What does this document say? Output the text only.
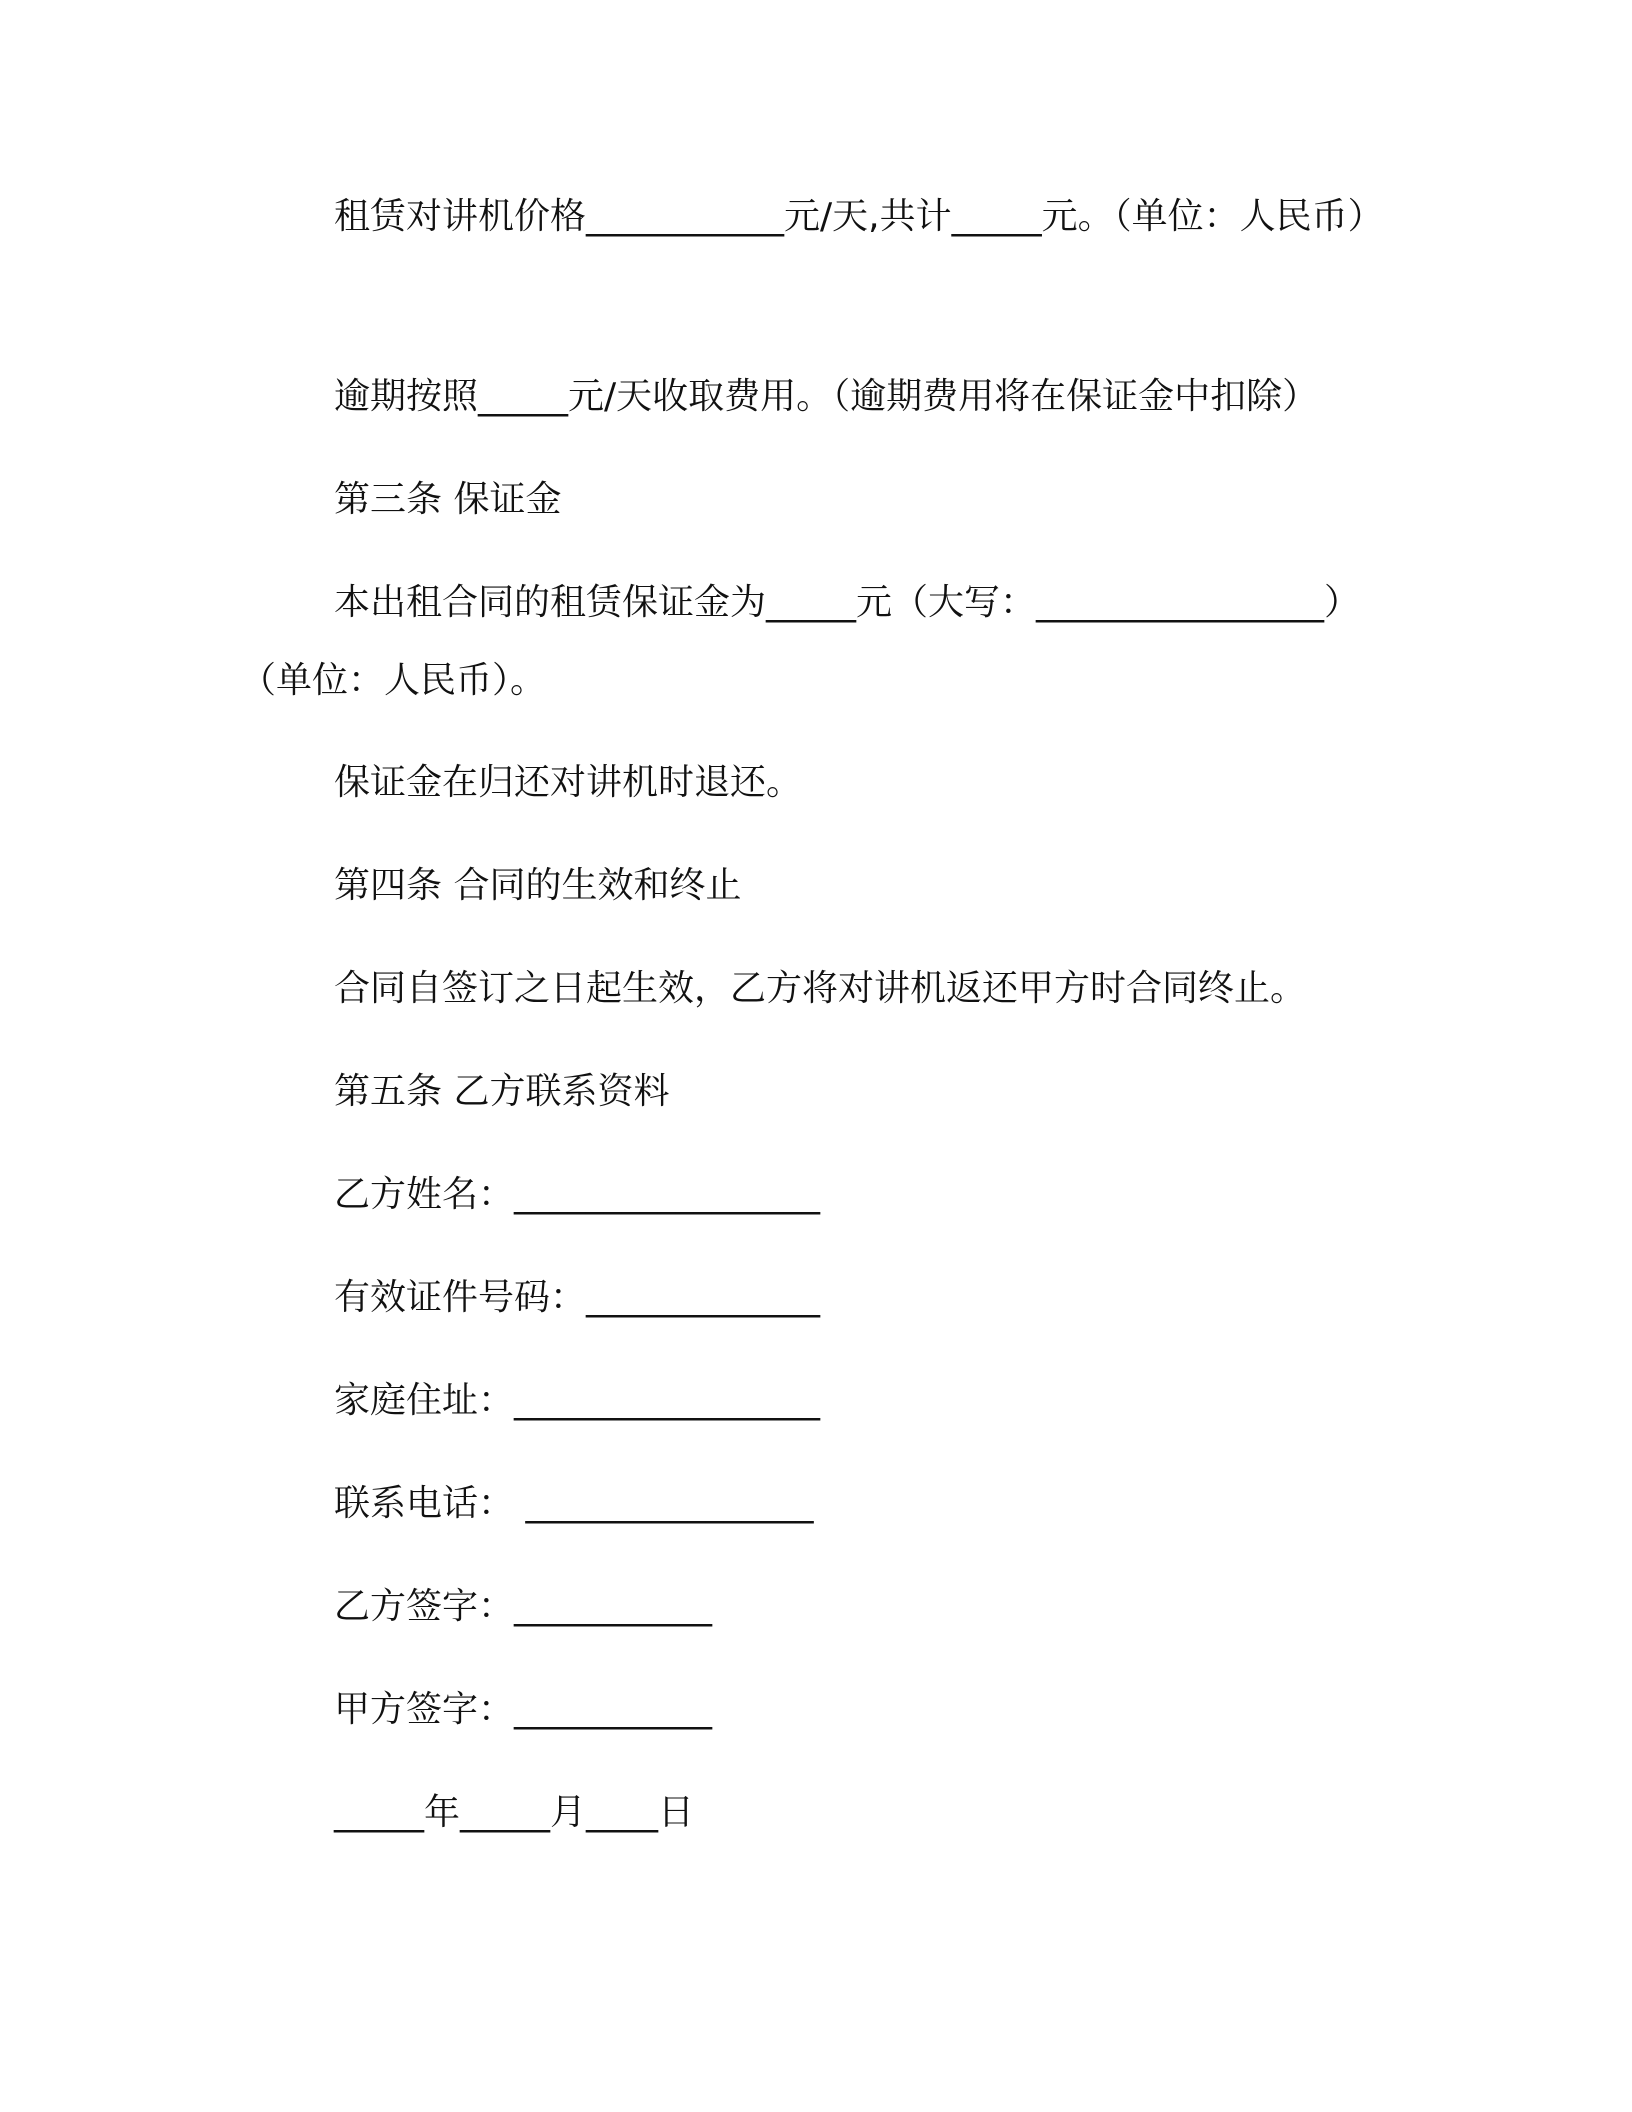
租赁对讲机价格___________元/天,共计_____元。（单位：人民币）
逾期按照_____元/天收取费用。（逾期费用将在保证金中扣除）
第三条 保证金
本出租合同的租赁保证金为_____元（大写：________________）（单位：人民币）。
保证金在归还对讲机时退还。
第四条 合同的生效和终止
合同自签订之日起生效，乙方将对讲机返还甲方时合同终止。
第五条 乙方联系资料
乙方姓名：_________________
有效证件号码：_____________
家庭住址：_________________
联系电话： ________________
乙方签字：___________
甲方签字：___________
_____年_____月____日
